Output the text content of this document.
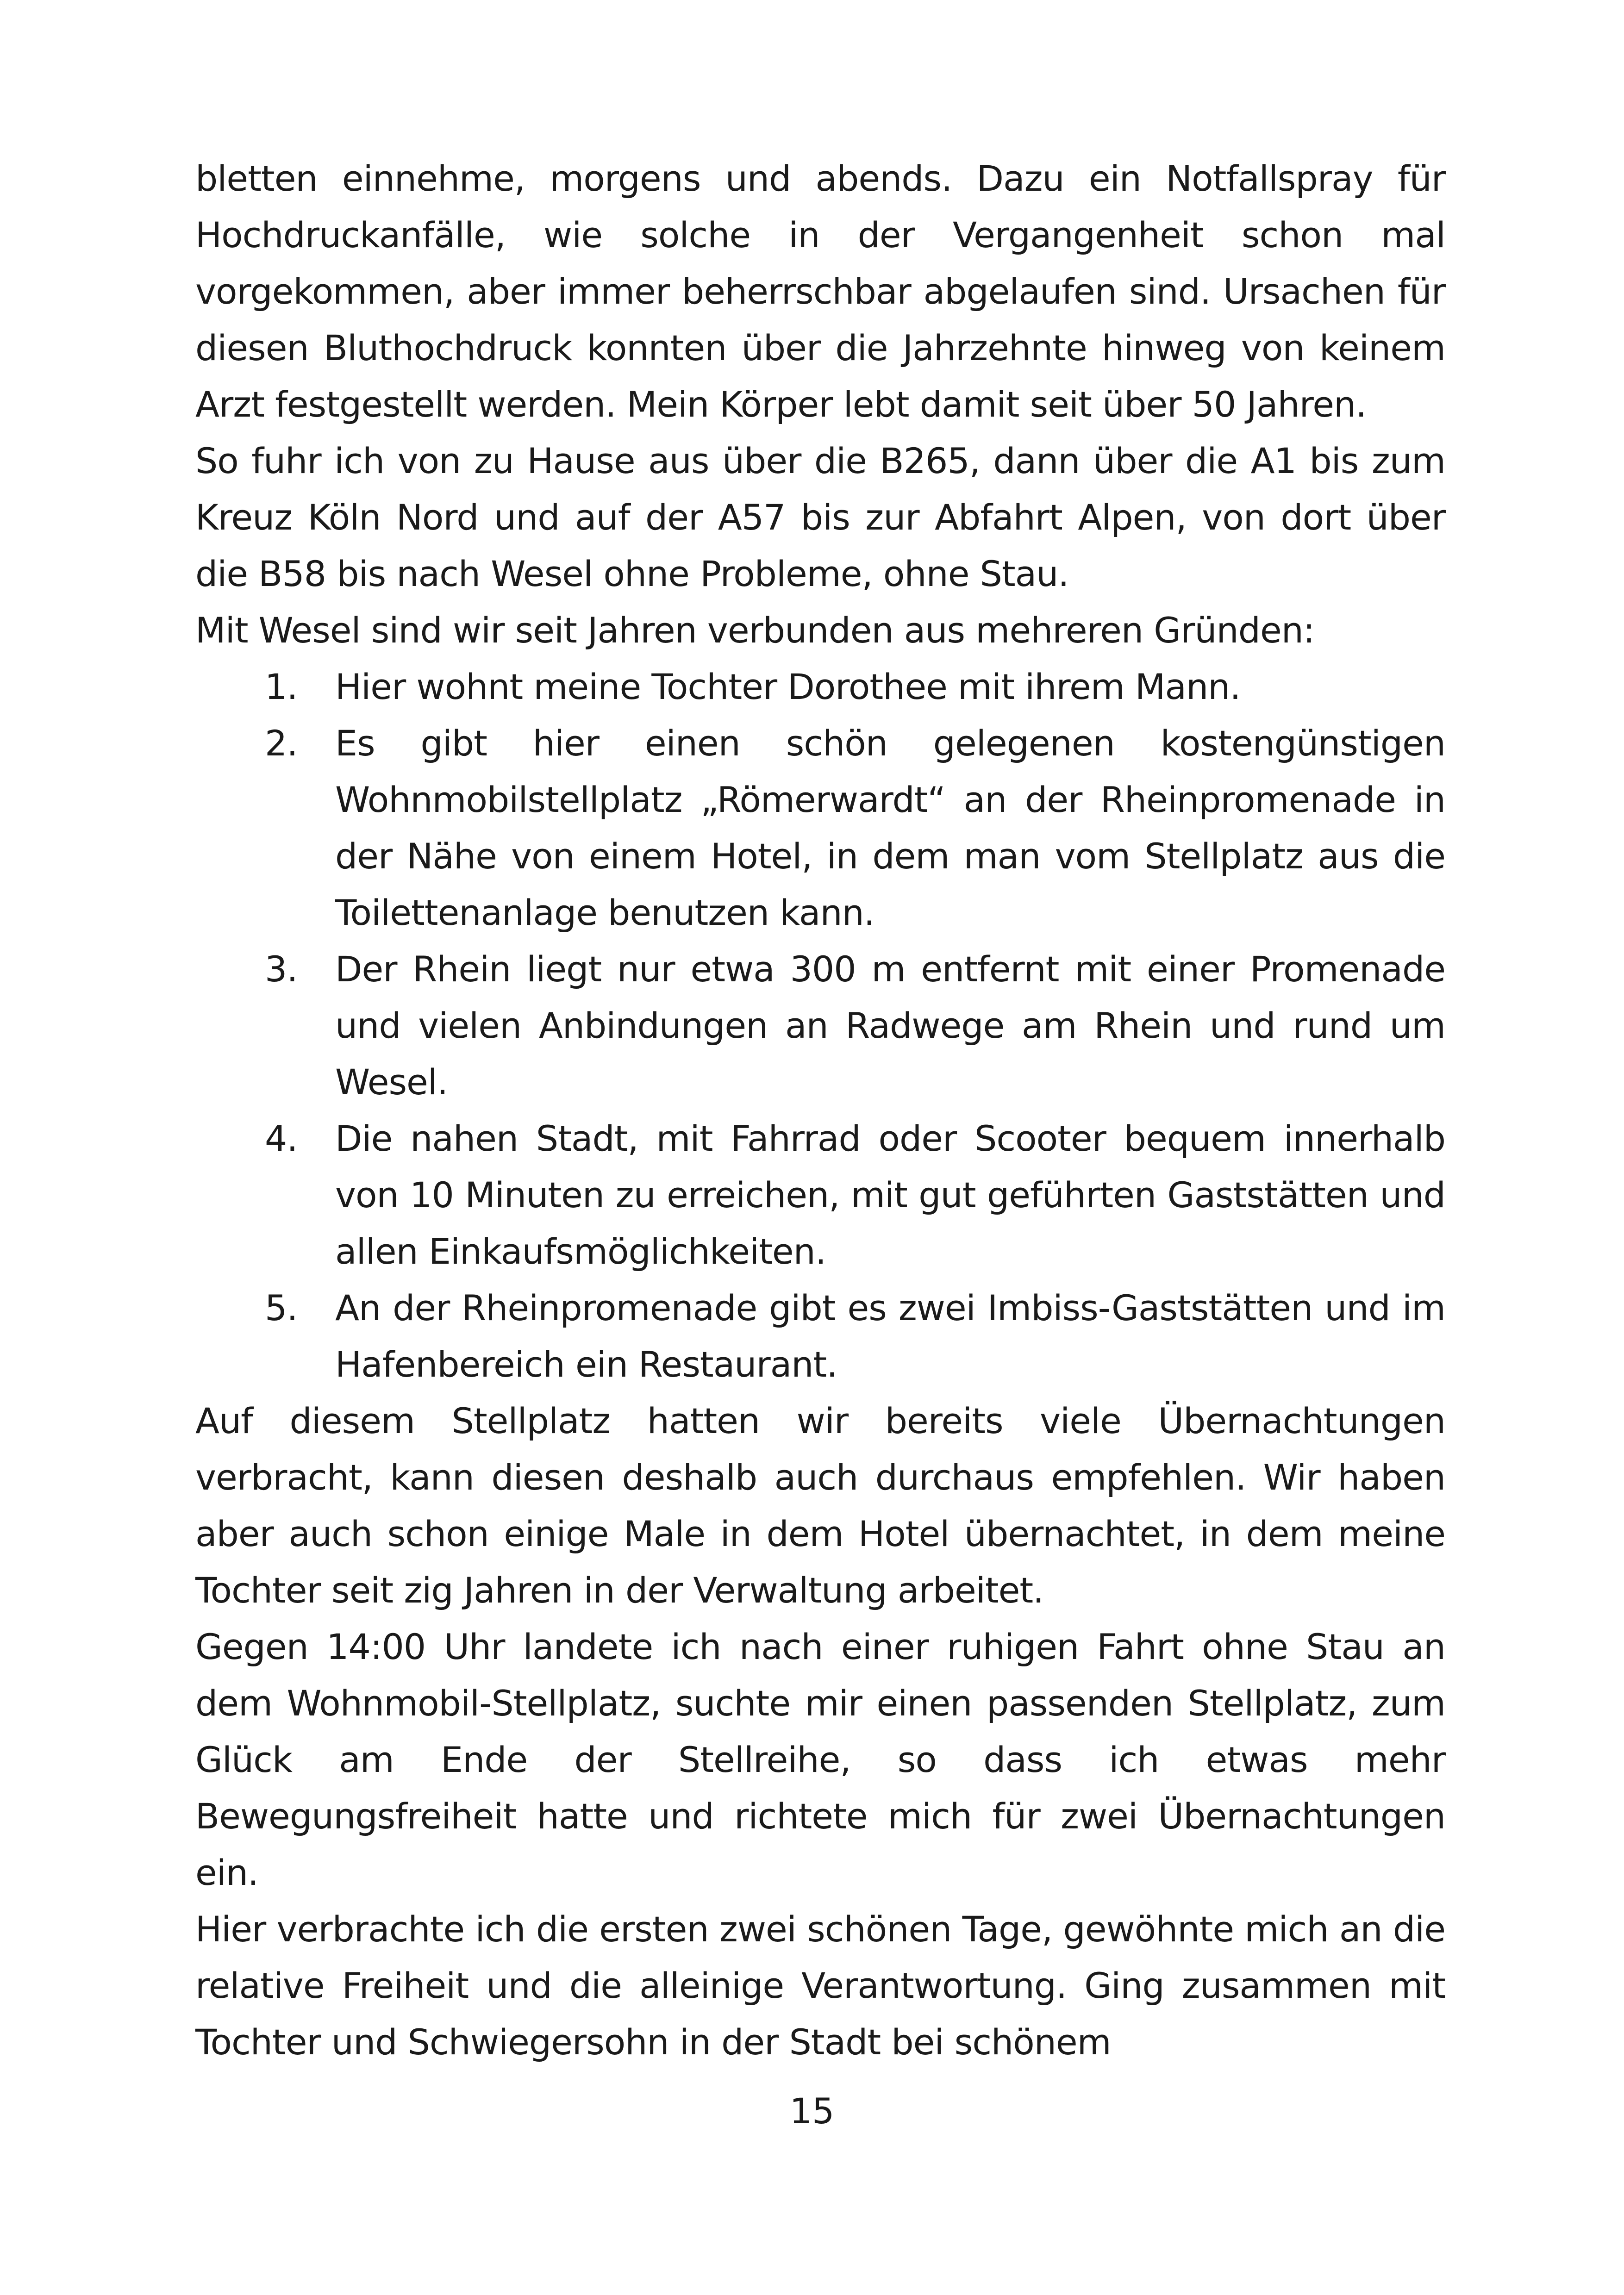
bletten einnehme, morgens und abends. Dazu ein Notfallspray für Hochdruckanfälle, wie solche in der Vergangenheit schon mal vorgekommen, aber immer beherrschbar abgelaufen sind. Ursachen für diesen Bluthochdruck konnten über die Jahrzehnte hinweg von keinem Arzt festgestellt werden. Mein Körper lebt damit seit über 50 Jahren.

So fuhr ich von zu Hause aus über die B265, dann über die A1 bis zum Kreuz Köln Nord und auf der A57 bis zur Abfahrt Alpen, von dort über die B58 bis nach Wesel ohne Probleme, ohne Stau.

Mit Wesel sind wir seit Jahren verbunden aus mehreren Gründen:

1. Hier wohnt meine Tochter Dorothee mit ihrem Mann.
2. Es gibt hier einen schön gelegenen kostengünstigen Wohnmobilstellplatz „Römerwardt“ an der Rheinpromenade in der Nähe von einem Hotel, in dem man vom Stellplatz aus die Toilettenanlage benutzen kann.
3. Der Rhein liegt nur etwa 300 m entfernt mit einer Promenade und vielen Anbindungen an Radwege am Rhein und rund um Wesel.
4. Die nahen Stadt, mit Fahrrad oder Scooter bequem innerhalb von 10 Minuten zu erreichen, mit gut geführten Gaststätten und allen Einkaufsmöglichkeiten.
5. An der Rheinpromenade gibt es zwei Imbiss-Gaststätten und im Hafenbereich ein Restaurant.

Auf diesem Stellplatz hatten wir bereits viele Übernachtungen verbracht, kann diesen deshalb auch durchaus empfehlen. Wir haben aber auch schon einige Male in dem Hotel übernachtet, in dem meine Tochter seit zig Jahren in der Verwaltung arbeitet.

Gegen 14:00 Uhr landete ich nach einer ruhigen Fahrt ohne Stau an dem Wohnmobil-Stellplatz, suchte mir einen passenden Stellplatz, zum Glück am Ende der Stellreihe, so dass ich etwas mehr Bewegungsfreiheit hatte und richtete mich für zwei Übernachtungen ein.

Hier verbrachte ich die ersten zwei schönen Tage, gewöhnte mich an die relative Freiheit und die alleinige Verantwortung. Ging zusammen mit Tochter und Schwiegersohn in der Stadt bei schönem

15
